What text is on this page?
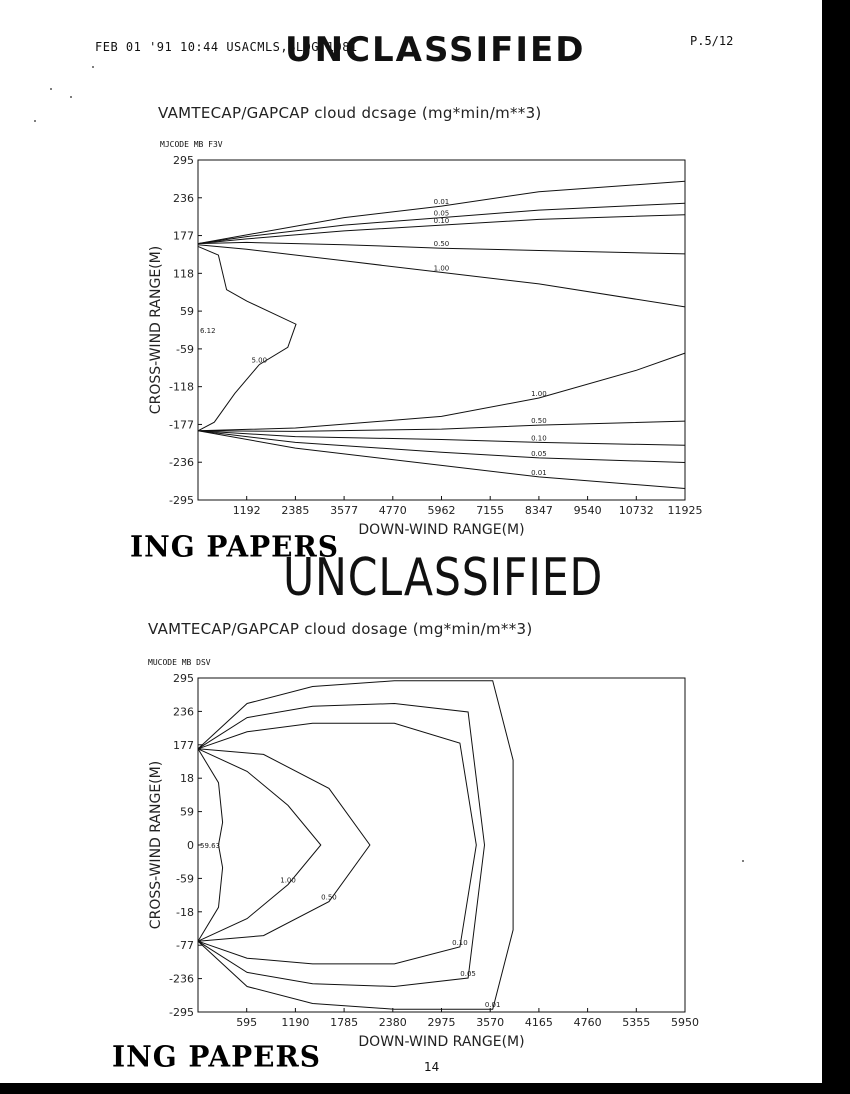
FEB 01 '91 10:44 USACMLS,BLDG 1081	P.5/12
UNCLASSIFIED
VAMTECAP/GAPCAP cloud dcsage (mg*min/m**3)
MJCODE MB F3V
1192 2385 3577 4770 5962 7155 8347 9540 10732 11925
295
236
177
118
59
-59
-118
-177
-236
-295
DOWN-WIND RANGE(M)
CROSS-WIND RANGE(M)
0.01
0.05
0.10
0.50
1.00
5.00
1.00
0.50
0.10
0.05
0.01
6.12
ING PAPERS
UNCLASSIFIED
VAMTECAP/GAPCAP cloud dosage (mg*min/m**3)
MUCODE MB DSV
595 1190 1785 2380 2975 3570 4165 4760 5355 5950
295
236
177
18
59
0
-59
-18
-77
-236
-295
DOWN-WIND RANGE(M)
CROSS-WIND RANGE(M)
0.01
0.05
0.10
0.50
1.00
59.63
ING PAPERS	14
